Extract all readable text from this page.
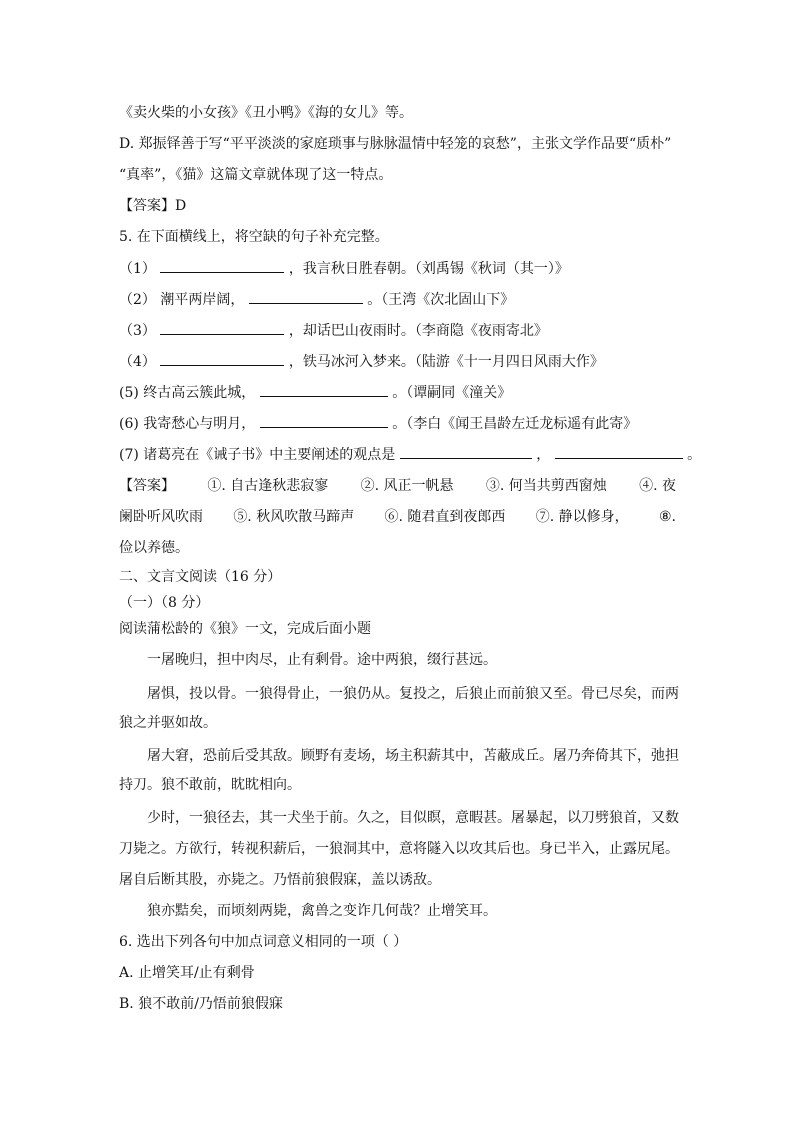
《卖火柴的小女孩》《丑小鸭》《海的女儿》等。
D. 郑振铎善于写“平平淡淡的家庭琐事与脉脉温情中轻笼的哀愁”，主张文学作品要“质朴”
“真率”，《猫》这篇文章就体现了这一特点。
【答案】D
5. 在下面横线上，将空缺的句子补充完整。
（1）	，我言秋日胜春朝。（刘禹锡《秋词（其一）》
（2） 潮平两岸阔，	。（王湾《次北固山下》
（3）	，却话巴山夜雨时。（李商隐《夜雨寄北》
（4）	，铁马冰河入梦来。（陆游《十一月四日风雨大作》
(5) 终古高云簇此城，	。（谭嗣同《潼关》
(6) 我寄愁心与明月，	。（李白《闻王昌龄左迁龙标遥有此寄》
(7) 诸葛亮在《诫子书》中主要阐述的观点是	，	。
【答案】 ①. 自古逢秋悲寂寥 ②. 风正一帆悬 ③. 何当共剪西窗烛 ④. 夜
阑卧听风吹雨 ⑤. 秋风吹散马蹄声 ⑥. 随君直到夜郎西 ⑦. 静以修身， ⑧.
俭以养德。
二、文言文阅读（16 分）
（一）（8 分）
阅读蒲松龄的《狼》一文，完成后面小题
一屠晚归，担中肉尽，止有剩骨。途中两狼，缀行甚远。
屠惧，投以骨。一狼得骨止，一狼仍从。复投之，后狼止而前狼又至。骨已尽矣，而两
狼之并驱如故。
屠大窘，恐前后受其敌。顾野有麦场，场主积薪其中，苫蔽成丘。屠乃奔倚其下，弛担
持刀。狼不敢前，眈眈相向。
少时，一狼径去，其一犬坐于前。久之，目似瞑，意暇甚。屠暴起，以刀劈狼首，又数
刀毙之。方欲行，转视积薪后，一狼洞其中，意将隧入以攻其后也。身已半入，止露尻尾。
屠自后断其股，亦毙之。乃悟前狼假寐，盖以诱敌。
狼亦黠矣，而顷刻两毙，禽兽之变诈几何哉？止增笑耳。
6. 选出下列各句中加点词意义相同的一项（ ）
A. 止增笑耳/止有剩骨
B. 狼不敢前/乃悟前狼假寐
